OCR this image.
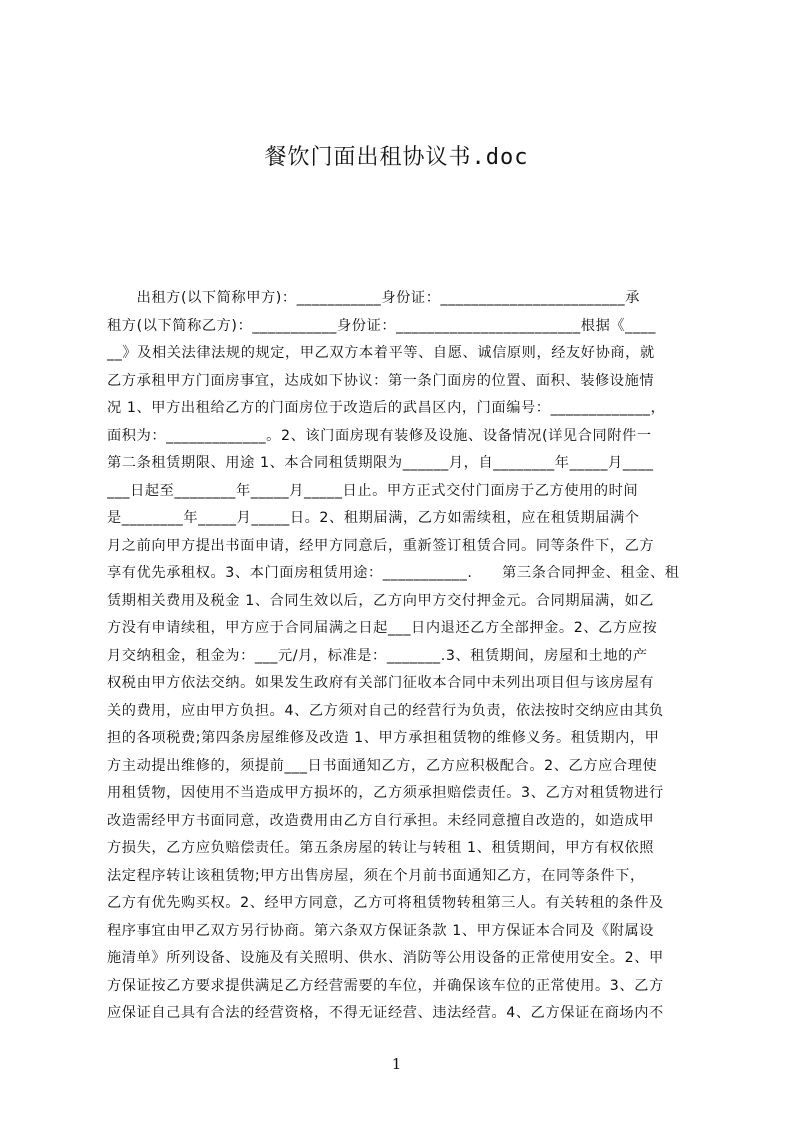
餐饮门面出租协议书.doc
　　出租方(以下简称甲方)：___________身份证：________________________承
租方(以下简称乙方)：___________身份证：________________________根据《____
__》及相关法律法规的规定，甲乙双方本着平等、自愿、诚信原则，经友好协商，就
乙方承租甲方门面房事宜，达成如下协议：第一条门面房的位置、面积、装修设施情
况 1、甲方出租给乙方的门面房位于改造后的武昌区内，门面编号：_____________，
面积为：_____________。2、该门面房现有装修及设施、设备情况(详见合同附件一
第二条租赁期限、用途 1、本合同租赁期限为______月，自________年_____月____
___日起至________年_____月_____日止。甲方正式交付门面房于乙方使用的时间
是________年_____月_____日。2、租期届满，乙方如需续租，应在租赁期届满个
月之前向甲方提出书面申请，经甲方同意后，重新签订租赁合同。同等条件下，乙方
享有优先承租权。3、本门面房租赁用途：___________.　　第三条合同押金、租金、租
赁期相关费用及税金 1、合同生效以后，乙方向甲方交付押金元。合同期届满，如乙
方没有申请续租，甲方应于合同届满之日起___日内退还乙方全部押金。2、乙方应按
月交纳租金，租金为：___元/月，标准是：_______.3、租赁期间，房屋和土地的产
权税由甲方依法交纳。如果发生政府有关部门征收本合同中未列出项目但与该房屋有
关的费用，应由甲方负担。4、乙方须对自己的经营行为负责，依法按时交纳应由其负
担的各项税费;第四条房屋维修及改造 1、甲方承担租赁物的维修义务。租赁期内，甲
方主动提出维修的，须提前___日书面通知乙方，乙方应积极配合。2、乙方应合理使
用租赁物，因使用不当造成甲方损坏的，乙方须承担赔偿责任。3、乙方对租赁物进行
改造需经甲方书面同意，改造费用由乙方自行承担。未经同意擅自改造的，如造成甲
方损失，乙方应负赔偿责任。第五条房屋的转让与转租 1、租赁期间，甲方有权依照
法定程序转让该租赁物;甲方出售房屋，须在个月前书面通知乙方，在同等条件下，
乙方有优先购买权。2、经甲方同意，乙方可将租赁物转租第三人。有关转租的条件及
程序事宜由甲乙双方另行协商。第六条双方保证条款 1、甲方保证本合同及《附属设
施清单》所列设备、设施及有关照明、供水、消防等公用设备的正常使用安全。2、甲
方保证按乙方要求提供满足乙方经营需要的车位，并确保该车位的正常使用。3、乙方
应保证自己具有合法的经营资格，不得无证经营、违法经营。4、乙方保证在商场内不
1
